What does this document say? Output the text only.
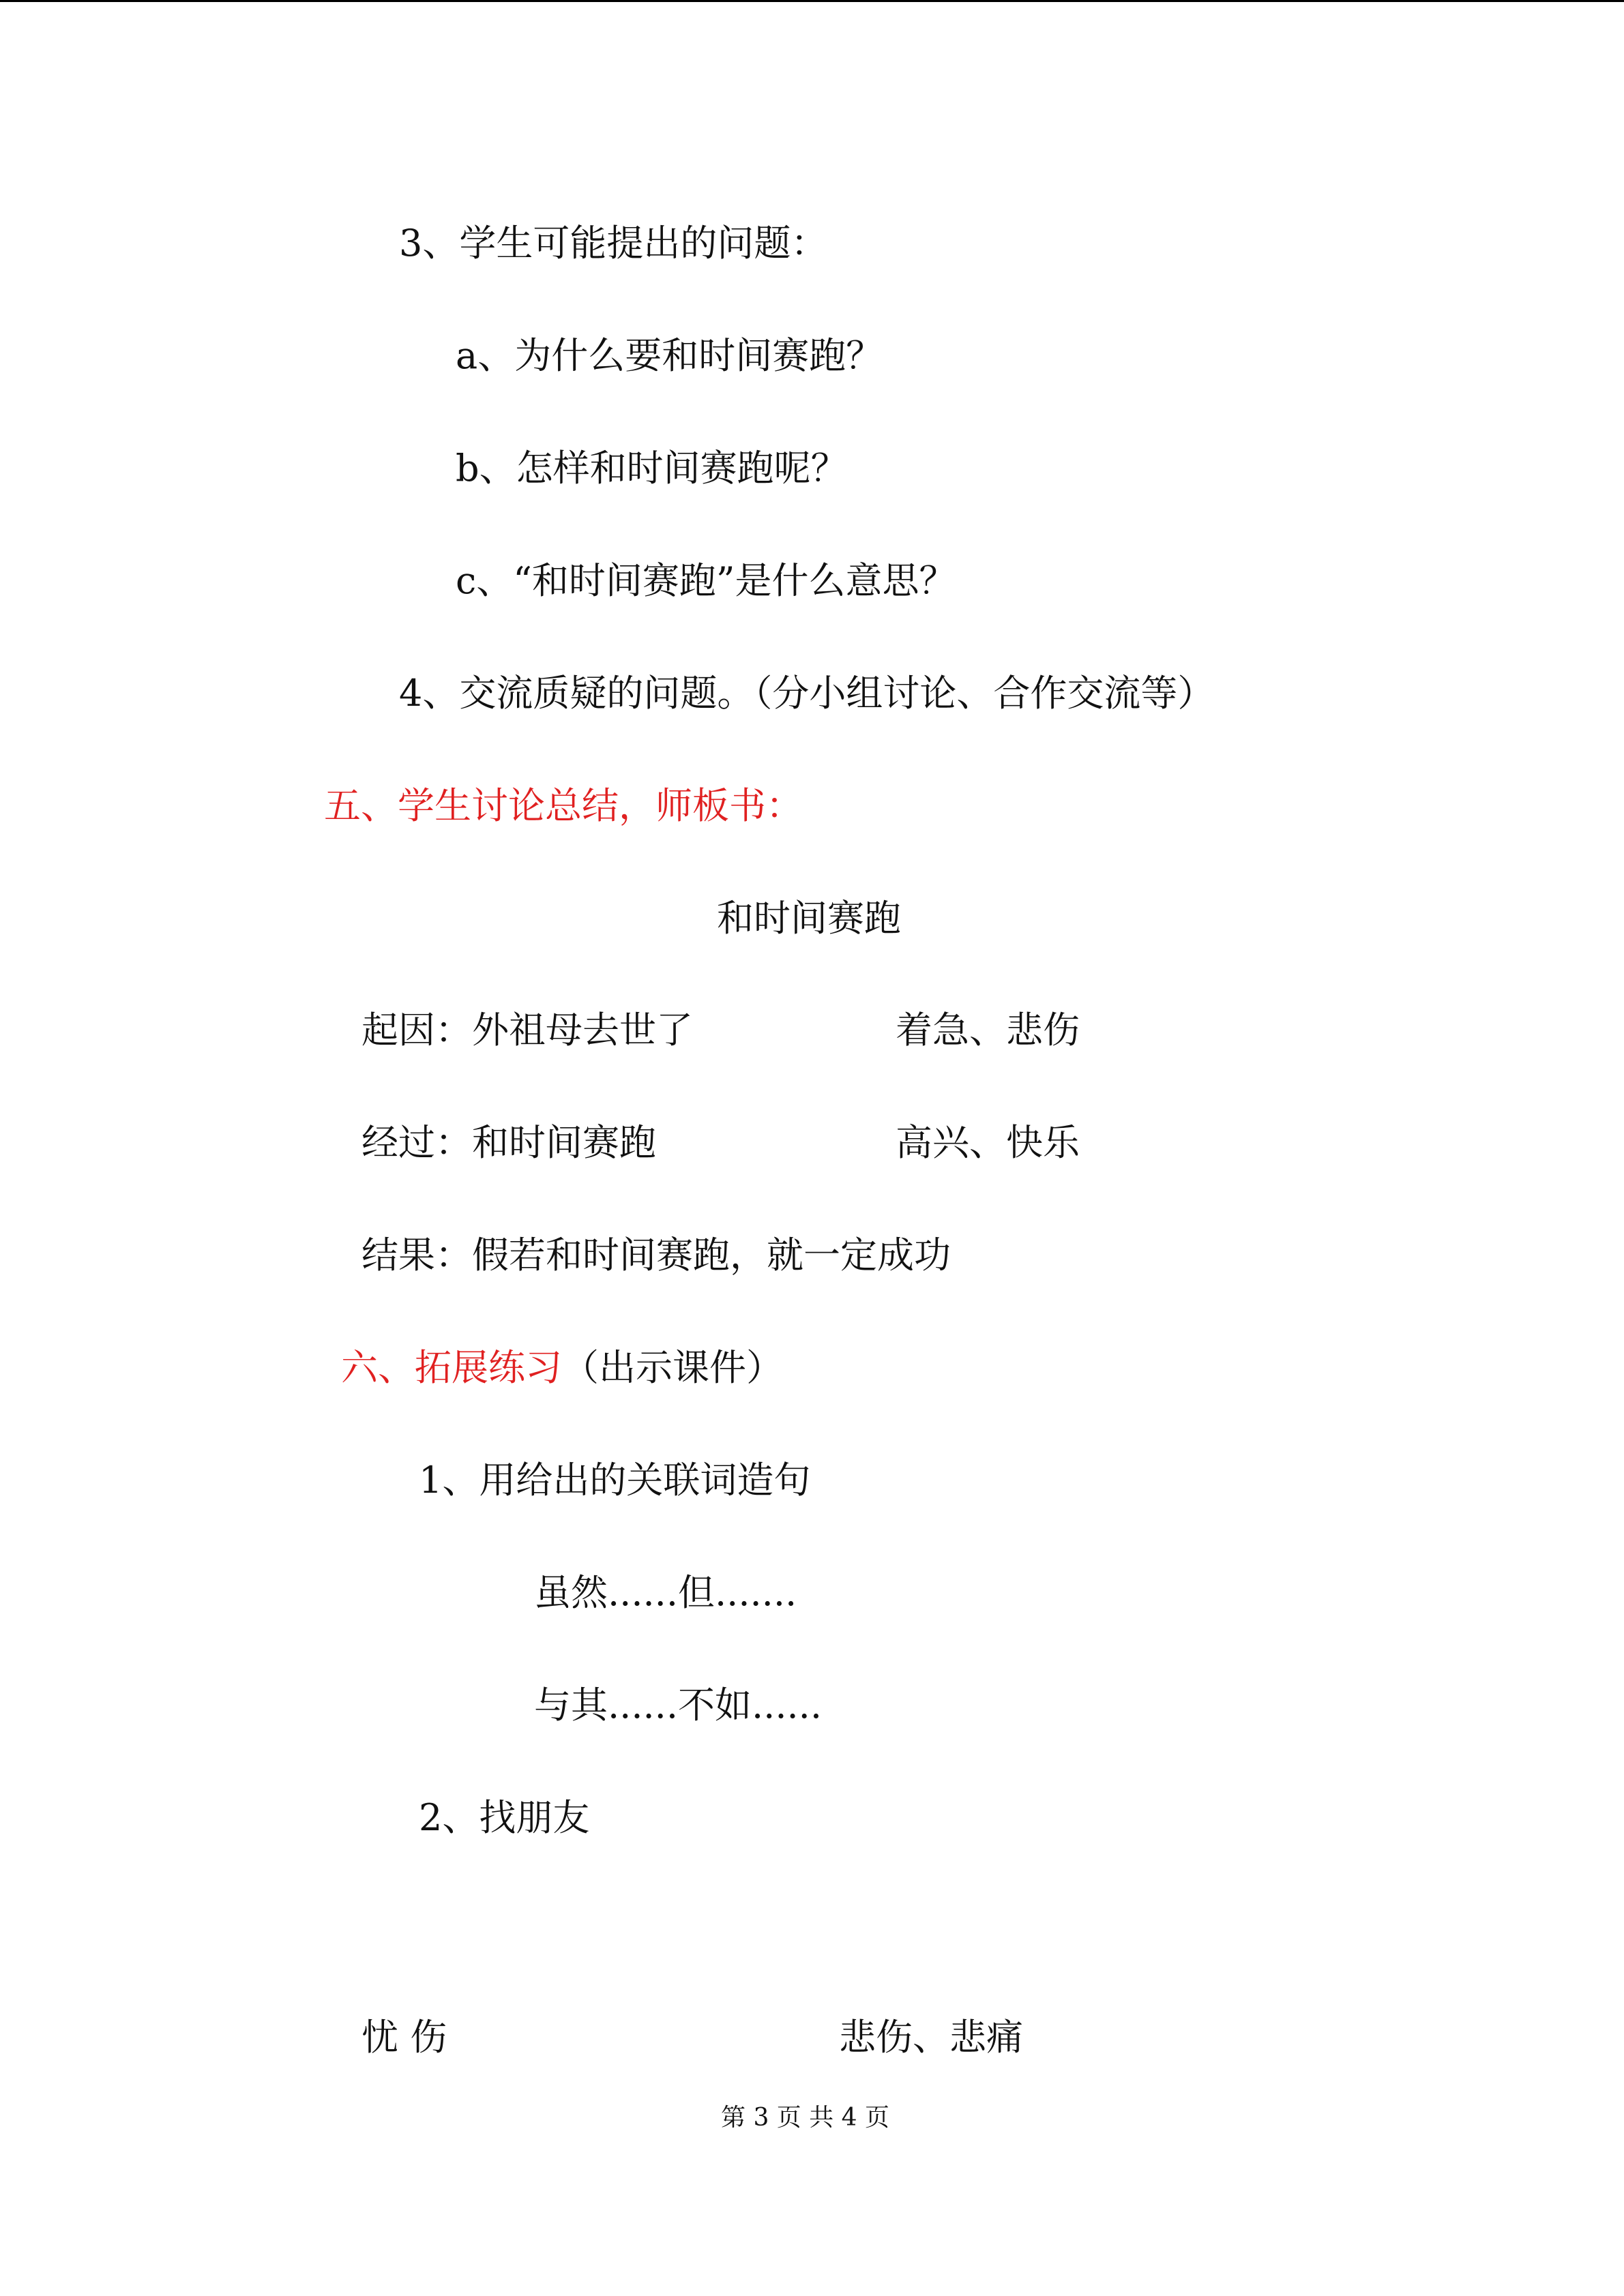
3、学生可能提出的问题：
a、为什么要和时间赛跑？
b、怎样和时间赛跑呢？
c、“和时间赛跑”是什么意思？
4、交流质疑的问题。（分小组讨论、合作交流等）
五、学生讨论总结，师板书：
和时间赛跑
起因：外祖母去世了	着急、悲伤
经过：和时间赛跑	高兴、快乐
结果：假若和时间赛跑，就一定成功
六、拓展练习（出示课件）
1、用给出的关联词造句
虽然......但.......
与其......不如......
2、找朋友
忧 伤	悲伤、悲痛
第 3 页 共 4 页
